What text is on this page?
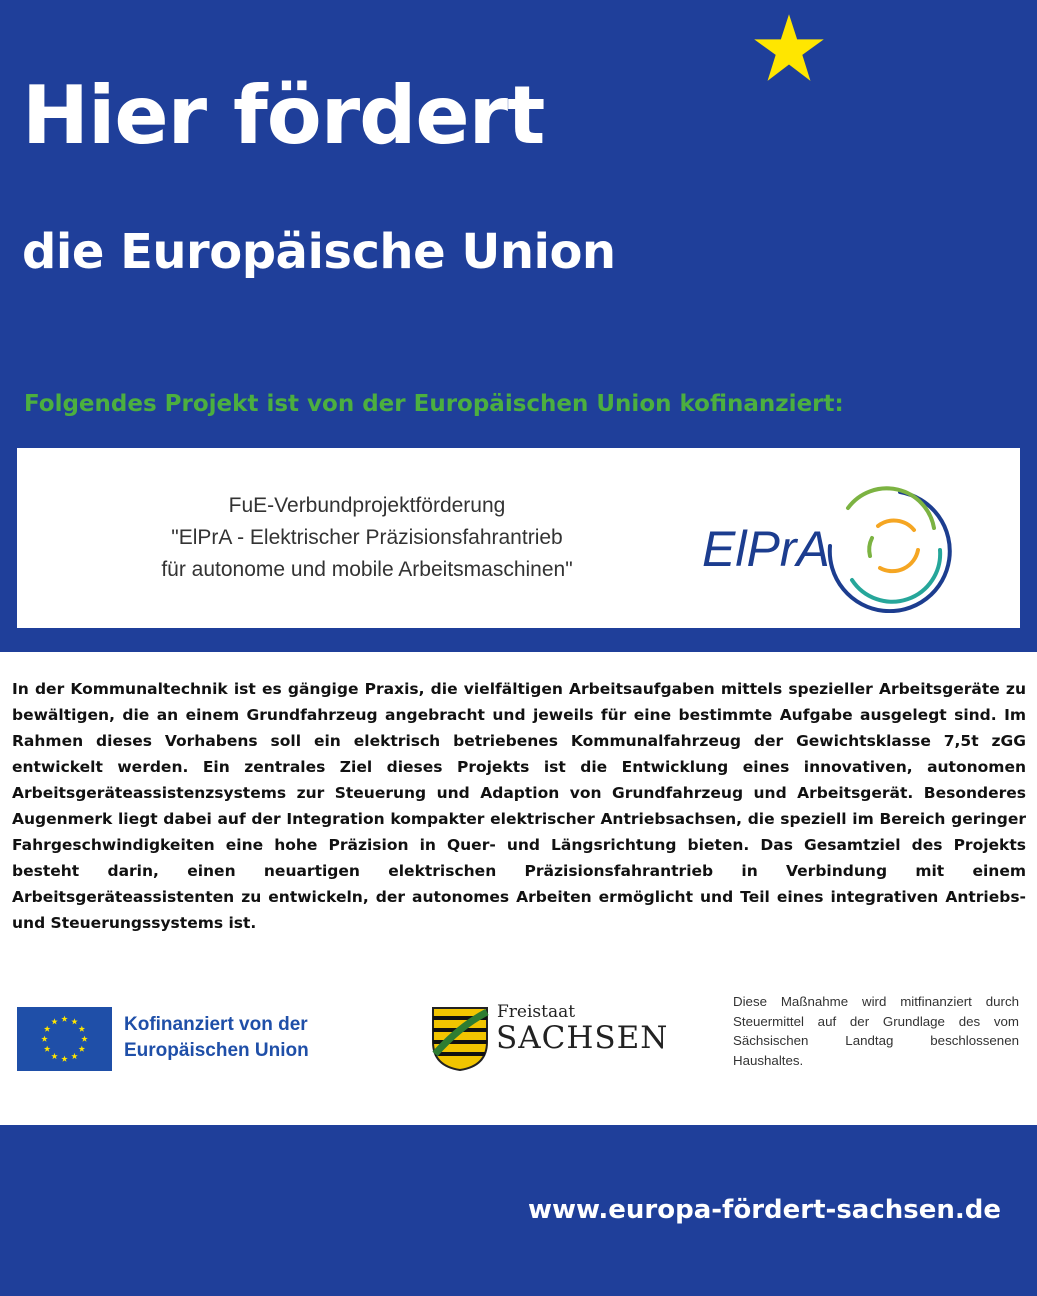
Hier fördert
die Europäische Union
Folgendes Projekt ist von der Europäischen Union kofinanziert:
FuE-Verbundprojektförderung
"ElPrA - Elektrischer Präzisionsfahrantrieb
für autonome und mobile Arbeitsmaschinen"	ElPrA

In der Kommunaltechnik ist es gängige Praxis, die vielfältigen Arbeitsaufgaben mittels spezieller Arbeitsgeräte zu bewältigen, die an einem Grundfahrzeug angebracht und jeweils für eine bestimmte Aufgabe ausgelegt sind. Im Rahmen dieses Vorhabens soll ein elektrisch betriebenes Kommunalfahrzeug der Gewichtsklasse 7,5t zGG entwickelt werden. Ein zentrales Ziel dieses Projekts ist die Entwicklung eines innovativen, autonomen Arbeitsgeräteassistenzsystems zur Steuerung und Adaption von Grundfahrzeug und Arbeitsgerät. Besonderes Augenmerk liegt dabei auf der Integration kompakter elektrischer Antriebsachsen, die speziell im Bereich geringer Fahrgeschwindigkeiten eine hohe Präzision in Quer- und Längsrichtung bieten. Das Gesamtziel des Projekts besteht darin, einen neuartigen elektrischen Präzisionsfahrantrieb in Verbindung mit einem Arbeitsgeräteassistenten zu entwickeln, der autonomes Arbeiten ermöglicht und Teil eines integrativen Antriebs- und Steuerungssystems ist.

Kofinanziert von der
Europäischen Union
Freistaat
SACHSEN

Diese Maßnahme wird mitfinanziert durch Steuermittel auf der Grundlage des vom Sächsischen Landtag beschlossenen Haushaltes.

www.europa-fördert-sachsen.de
